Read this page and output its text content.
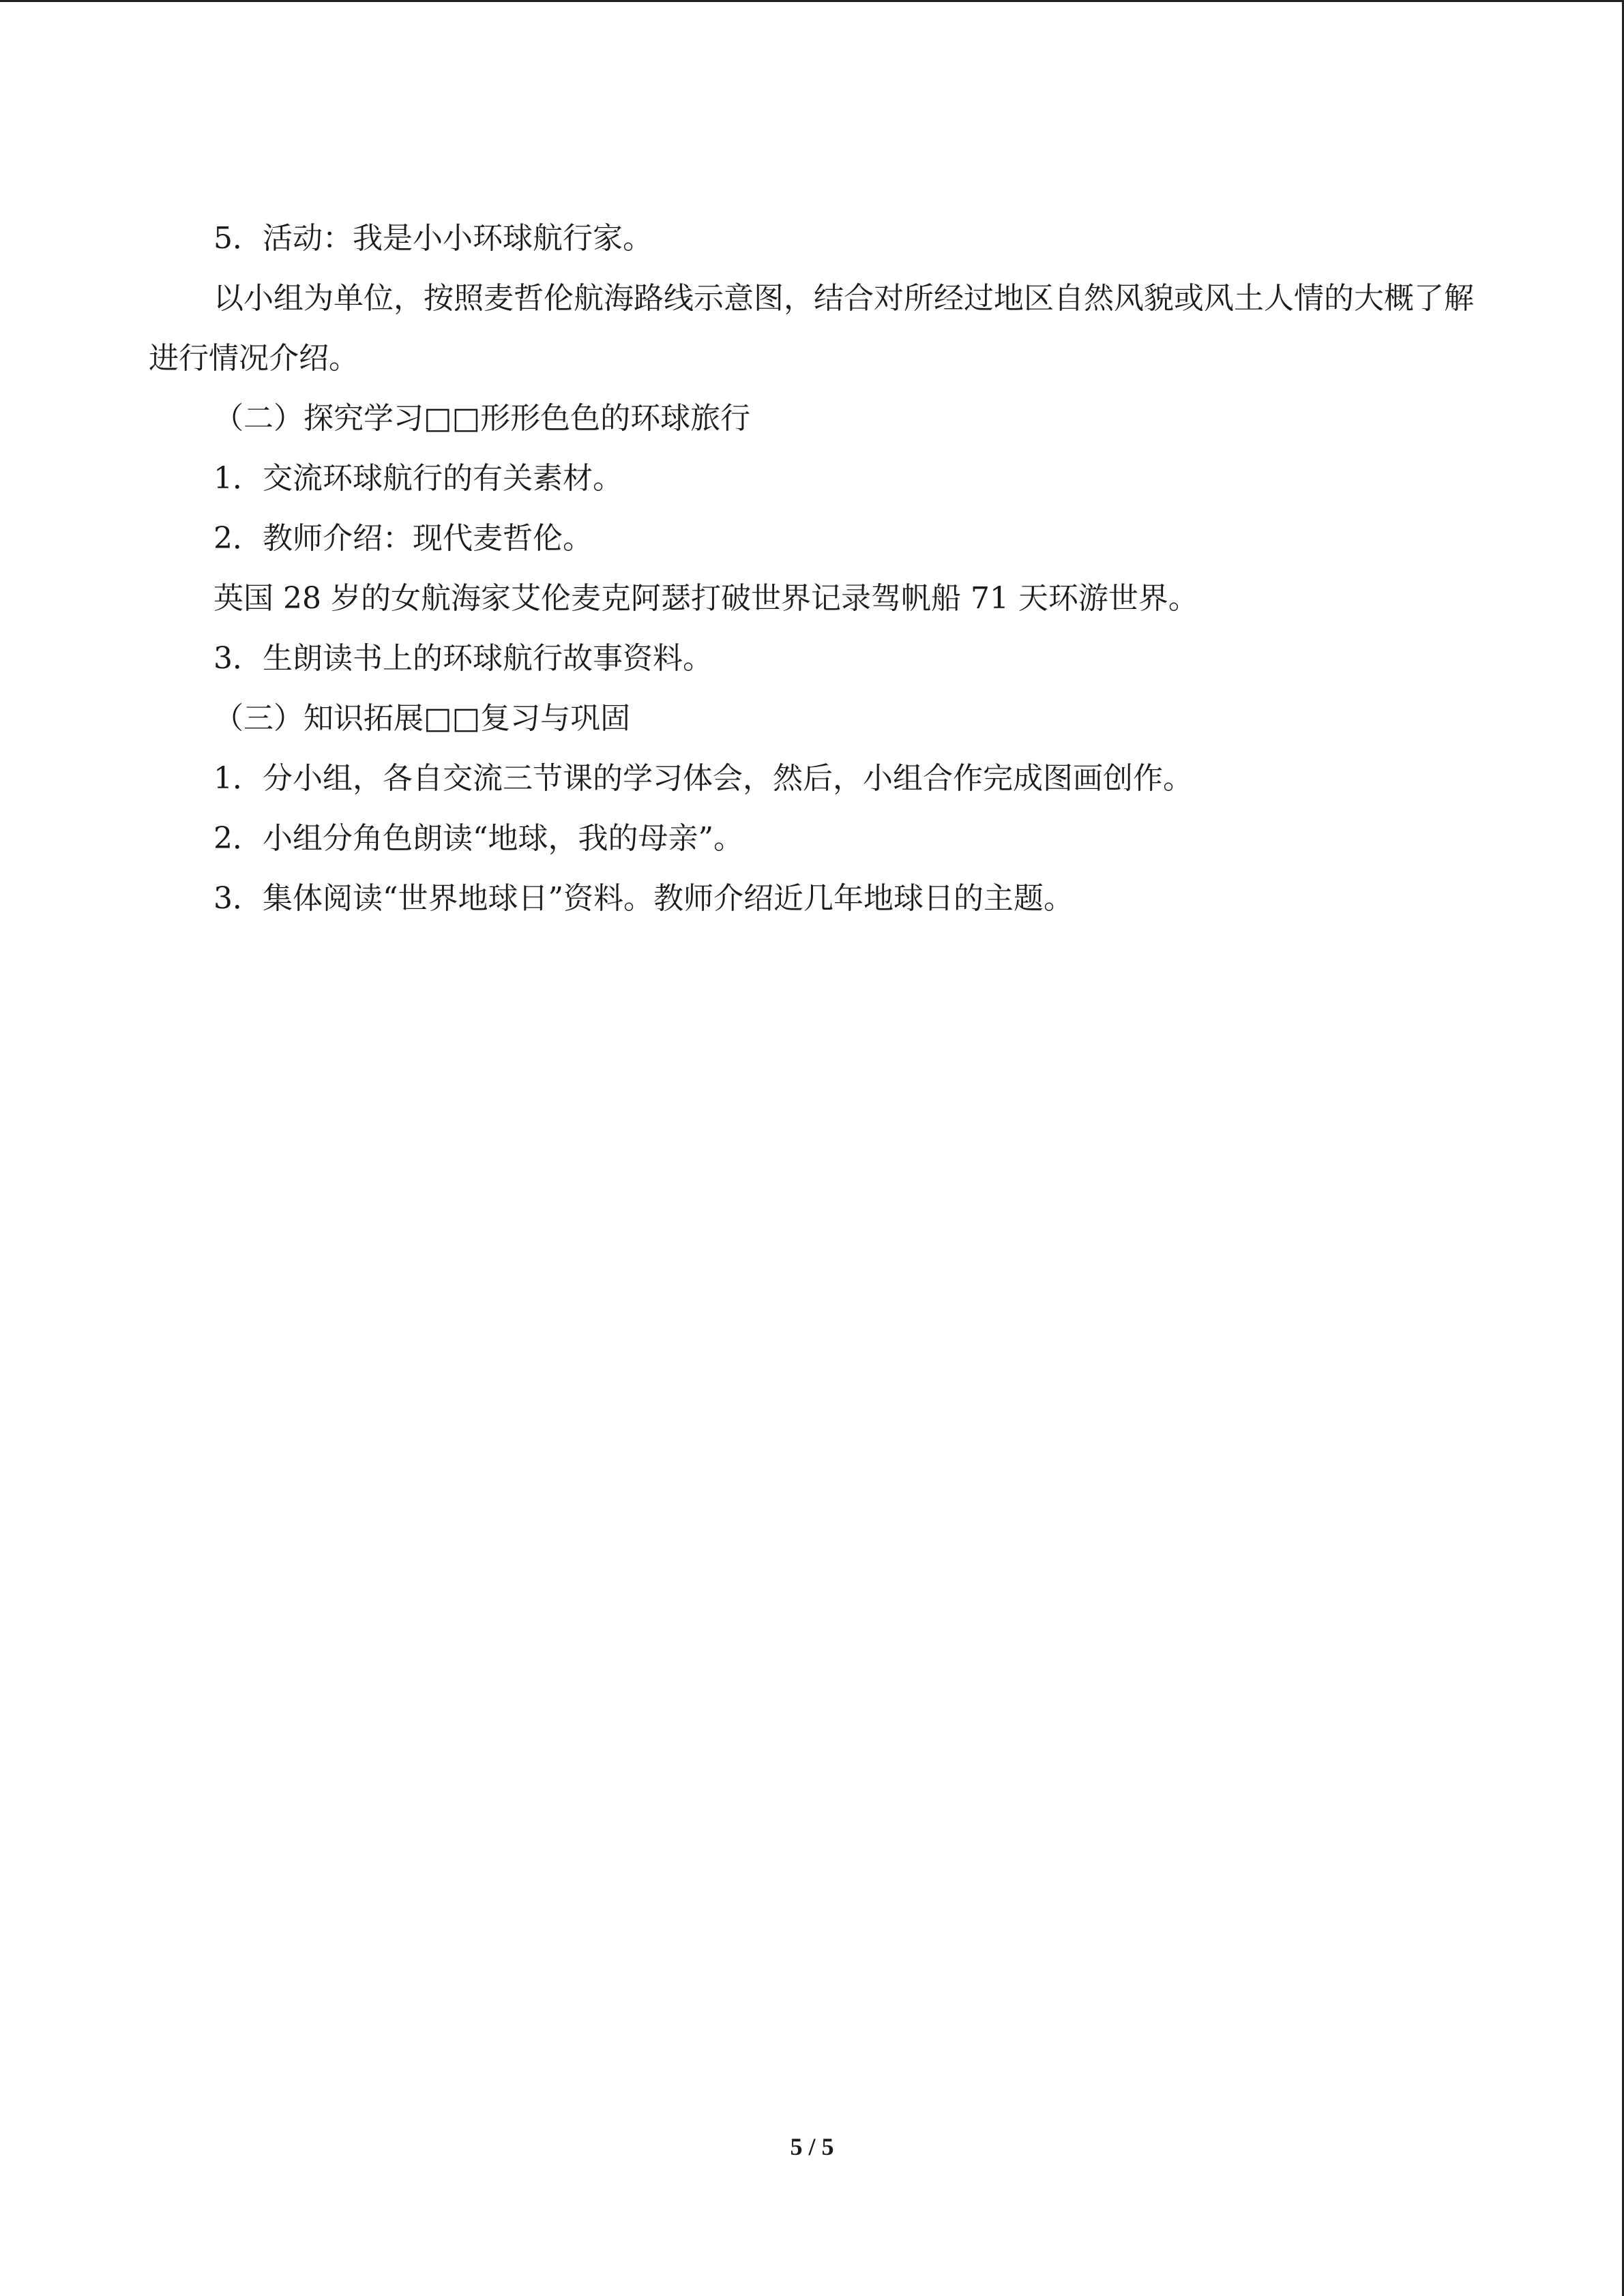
5．活动：我是小小环球航行家。

以小组为单位，按照麦哲伦航海路线示意图，结合对所经过地区自然风貌或风土人情的大概了解进行情况介绍。

（二）探究学习□□形形色色的环球旅行

1．交流环球航行的有关素材。

2．教师介绍：现代麦哲伦。

英国 28 岁的女航海家艾伦麦克阿瑟打破世界记录驾帆船 71 天环游世界。

3．生朗读书上的环球航行故事资料。

（三）知识拓展□□复习与巩固

1．分小组，各自交流三节课的学习体会，然后，小组合作完成图画创作。

2．小组分角色朗读“地球，我的母亲”。

3．集体阅读“世界地球日”资料。教师介绍近几年地球日的主题。

5 / 5
